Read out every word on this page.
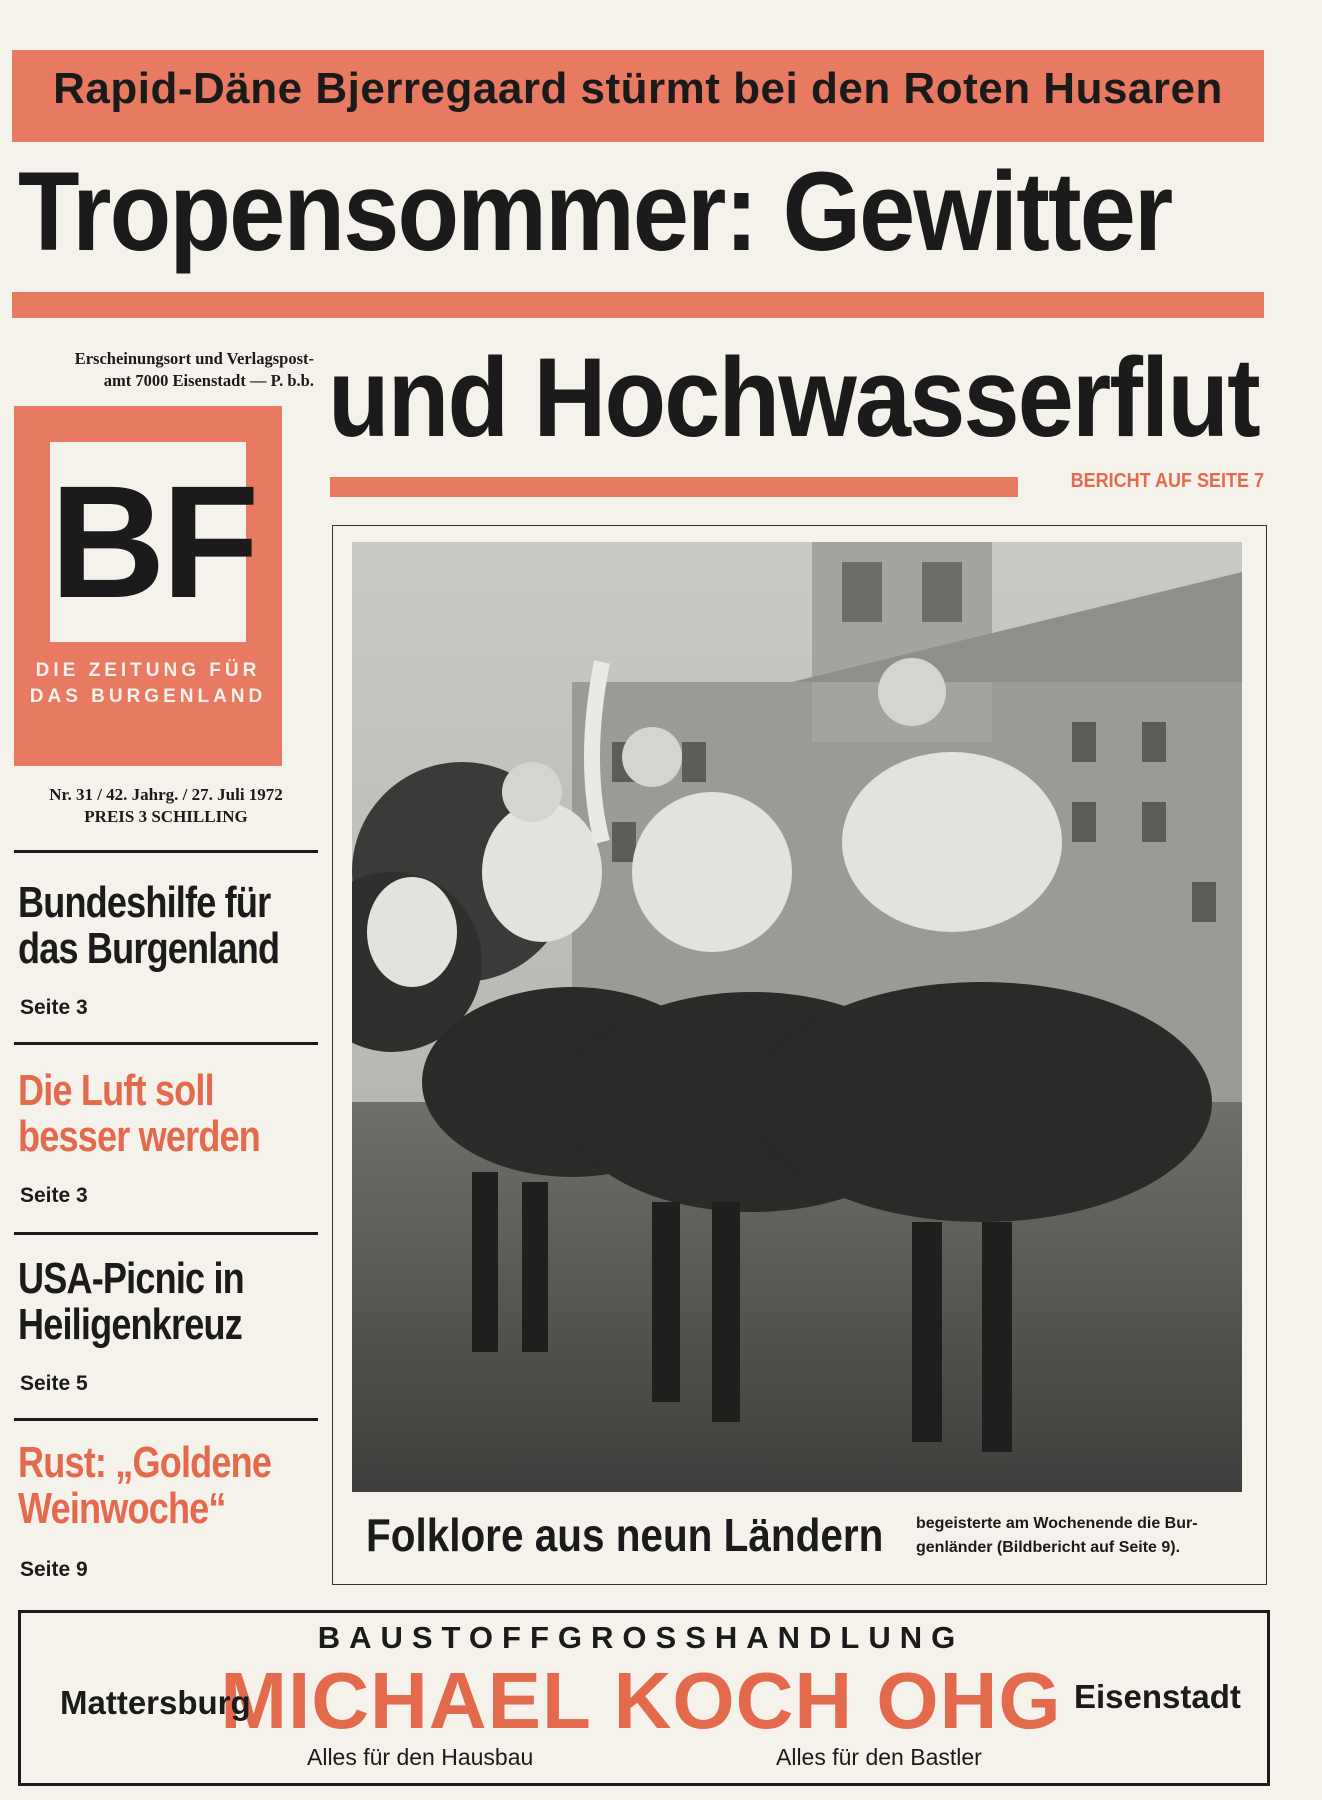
Rapid-Däne Bjerregaard stürmt bei den Roten Husaren
Tropensommer: Gewitter
Erscheinungsort und Verlagspost-
amt 7000 Eisenstadt — P. b.b. und Hochwasserflut
BERICHT AUF SEITE 7
BF
DIE ZEITUNG FÜR
DAS BURGENLAND
Nr. 31 / 42. Jahrg. / 27. Juli 1972
PREIS 3 SCHILLING
Bundeshilfe für
das Burgenland
Seite 3
Die Luft soll
besser werden
Seite 3
USA-Picnic in
Heiligenkreuz
Seite 5
Rust: „Goldene
Weinwoche“
Seite 9
Folklore aus neun Ländern begeisterte am Wochenende die Bur-
genländer (Bildbericht auf Seite 9).
BAUSTOFFGROSSHANDLUNG
MICHAEL KOCH OHG
Mattersburg	Eisenstadt
Alles für den Hausbau	Alles für den Bastler
